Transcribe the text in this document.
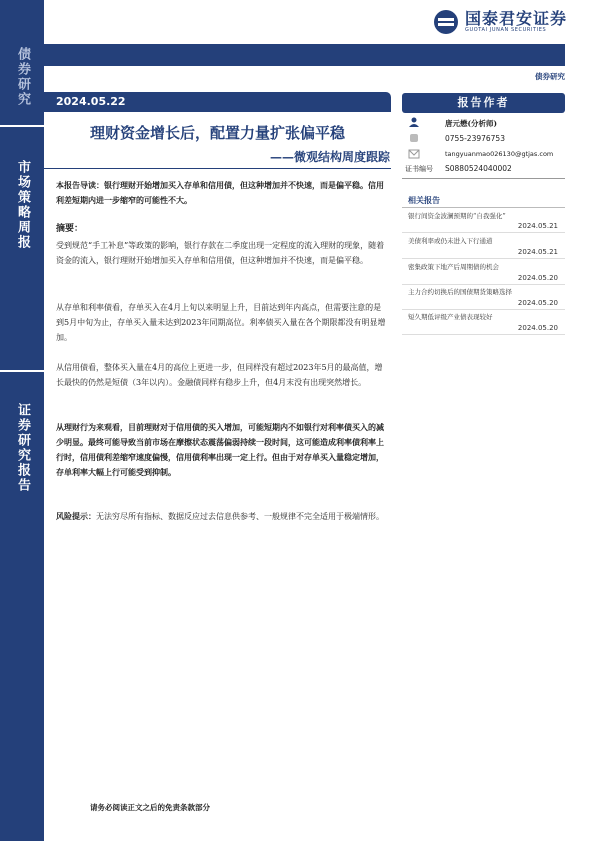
债券研究
市场策略周报
证券研究报告
国泰君安证券
GUOTAI JUNAN SECURITIES
债券研究
2024.05.22
理财资金增长后，配置力量扩张偏平稳
——微观结构周度跟踪
本报告导读：银行理财开始增加买入存单和信用债，但这种增加并不快速，而是偏平稳。信用利差短期内进一步缩窄的可能性不大。
摘要：
受到规范“手工补息”等政策的影响，银行存款在二季度出现一定程度的流入理财的现象，随着资金的流入，银行理财开始增加买入存单和信用债，但这种增加并不快速，而是偏平稳。
从存单和利率债看，存单买入在4月上旬以来明显上升，目前达到年内高点，但需要注意的是到5月中旬为止，存单买入量未达到2023年同期高位。利率债买入量在各个期限都没有明显增加。
从信用债看，整体买入量在4月的高位上更进一步，但同样没有超过2023年5月的最高值，增长最快的仍然是短债（3年以内）。金融债同样有稳步上升，但4月末没有出现突然增长。
从理财行为来观看，目前理财对于信用债的买入增加，可能短期内不如银行对利率债买入的减少明显。最终可能导致当前市场在摩擦状态震荡偏弱持续一段时间，这可能造成利率债利率上行时，信用债利差缩窄速度偏慢，信用债利率出现一定上行。但由于对存单买入量稳定增加，存单利率大幅上行可能受到抑制。
风险提示：无法穷尽所有指标、数据反应过去信息供参考、一般规律不完全适用于极端情形。
报告作者
唐元懋(分析师)
0755-23976753
tangyuanmao026130@gtjas.com
证书编号 S0880524040002
相关报告
银行间资金波澜预期的“自我强化”
2024.05.21
美债利率或仍未进入下行通道
2024.05.21
密集政策下地产后周期债的机会
2024.05.20
主力合约切换后的国债期货策略选择
2024.05.20
短久期低评级产业债表现较好
2024.05.20
请务必阅读正文之后的免责条款部分
